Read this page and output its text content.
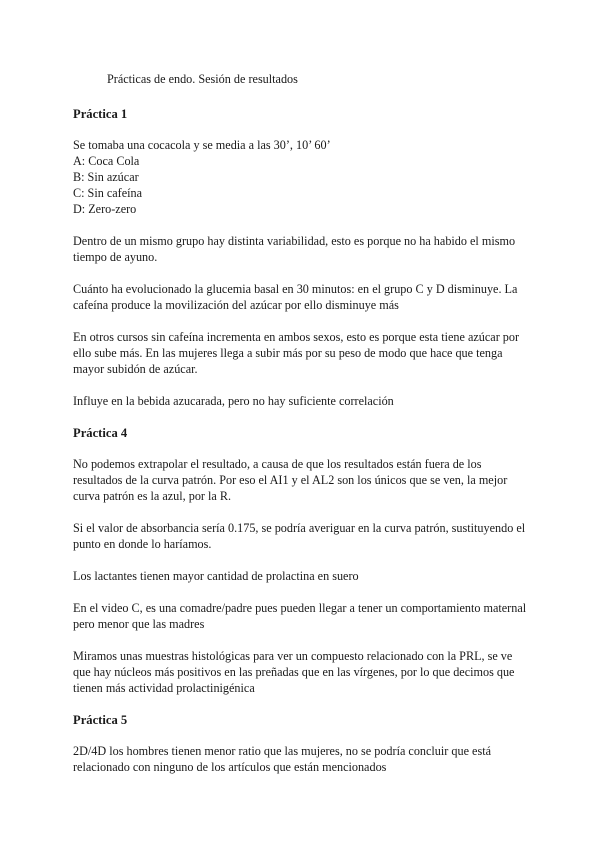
Prácticas de endo. Sesión de resultados
Práctica 1
Se tomaba una cocacola y se media a las 30’, 10’ 60’
A: Coca Cola
B: Sin azúcar
C: Sin cafeína
D: Zero-zero
Dentro de un mismo grupo hay distinta variabilidad, esto es porque no ha habido el mismo
tiempo de ayuno.
Cuánto ha evolucionado la glucemia basal en 30 minutos: en el grupo C y D disminuye. La
cafeína produce la movilización del azúcar por ello disminuye más
En otros cursos sin cafeína incrementa en ambos sexos, esto es porque esta tiene azúcar por
ello sube más. En las mujeres llega a subir más por su peso de modo que hace que tenga
mayor subidón de azúcar.
Influye en la bebida azucarada, pero no hay suficiente correlación
Práctica 4
No podemos extrapolar el resultado, a causa de que los resultados están fuera de los
resultados de la curva patrón. Por eso el AI1 y el AL2 son los únicos que se ven, la mejor
curva patrón es la azul, por la R.
Si el valor de absorbancia sería 0.175, se podría averiguar en la curva patrón, sustituyendo el
punto en donde lo haríamos.
Los lactantes tienen mayor cantidad de prolactina en suero
En el video C, es una comadre/padre pues pueden llegar a tener un comportamiento maternal
pero menor que las madres
Miramos unas muestras histológicas para ver un compuesto relacionado con la PRL, se ve
que hay núcleos más positivos en las preñadas que en las vírgenes, por lo que decimos que
tienen más actividad prolactinigénica
Práctica 5
2D/4D los hombres tienen menor ratio que las mujeres, no se podría concluir que está
relacionado con ninguno de los artículos que están mencionados
